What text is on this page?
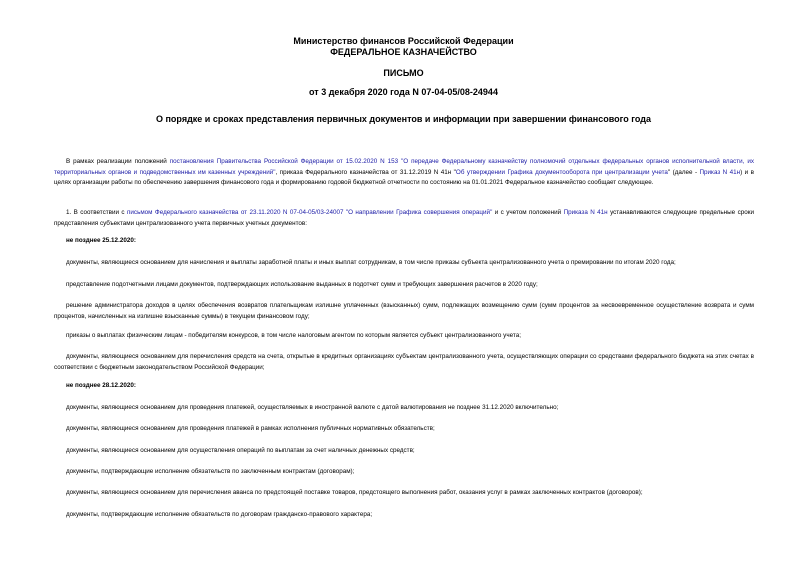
Министерство финансов Российской Федерации
ФЕДЕРАЛЬНОЕ КАЗНАЧЕЙСТВО
ПИСЬМО
от 3 декабря 2020 года N 07-04-05/08-24944
О порядке и сроках представления первичных документов и информации при завершении финансового года
В рамках реализации положений постановления Правительства Российской Федерации от 15.02.2020 N 153 "О передаче Федеральному казначейству полномочий отдельных федеральных органов исполнительной власти, их территориальных органов и подведомственных им казенных учреждений", приказа Федерального казначейства от 31.12.2019 N 41н "Об утверждении Графика документооборота при централизации учета" (далее - Приказ N 41н) и в целях организации работы по обеспечению завершения финансового года и формированию годовой бюджетной отчетности по состоянию на 01.01.2021 Федеральное казначейство сообщает следующее.
1. В соответствии с письмом Федерального казначейства от 23.11.2020 N 07-04-05/03-24007 "О направлении Графика совершения операций" и с учетом положений Приказа N 41н устанавливаются следующие предельные сроки представления субъектами централизованного учета первичных учетных документов:
не позднее 25.12.2020:
документы, являющиеся основанием для начисления и выплаты заработной платы и иных выплат сотрудникам, в том числе приказы субъекта централизованного учета о премировании по итогам 2020 года;
представление подотчетными лицами документов, подтверждающих использование выданных в подотчет сумм и требующих завершения расчетов в 2020 году;
решение администратора доходов в целях обеспечения возвратов плательщикам излишне уплаченных (взысканных) сумм, подлежащих возмещению сумм (сумм процентов за несвоевременное осуществление возврата и сумм процентов, начисленных на излишне взысканные суммы) в текущем финансовом году;
приказы о выплатах физическим лицам - победителям конкурсов, в том числе налоговым агентом по которым является субъект централизованного учета;
документы, являющиеся основанием для перечисления средств на счета, открытые в кредитных организациях субъектам централизованного учета, осуществляющих операции со средствами федерального бюджета на этих счетах в соответствии с бюджетным законодательством Российской Федерации;
не позднее 28.12.2020:
документы, являющиеся основанием для проведения платежей, осуществляемых в иностранной валюте с датой валютирования не позднее 31.12.2020 включительно;
документы, являющиеся основанием для проведения платежей в рамках исполнения публичных нормативных обязательств;
документы, являющиеся основанием для осуществления операций по выплатам за счет наличных денежных средств;
документы, подтверждающие исполнение обязательств по заключенным контрактам (договорам);
документы, являющиеся основанием для перечисления аванса по предстоящей поставке товаров, предстоящего выполнения работ, оказания услуг в рамках заключенных контрактов (договоров);
документы, подтверждающие исполнение обязательств по договорам гражданско-правового характера;
